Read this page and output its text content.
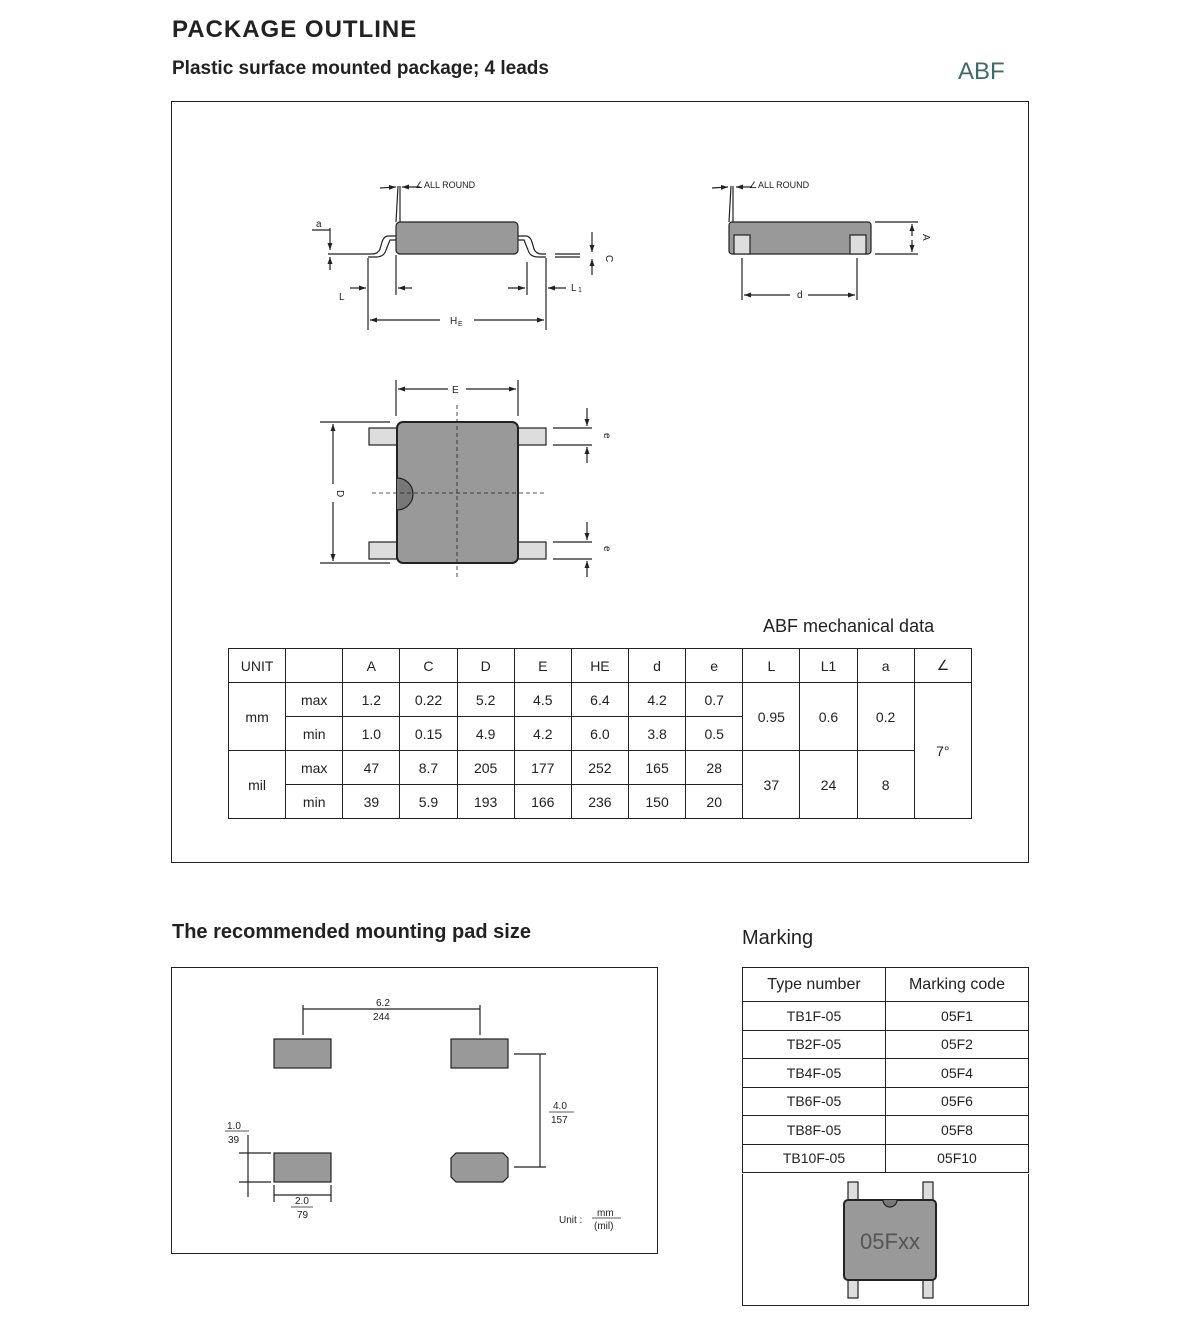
PACKAGE OUTLINE
Plastic surface mounted package; 4 leads	ABF
ALL ROUND
∠
a
C
L
L 1
H E
ALL ROUND
∠
A
d
E
D
e
e
ABF mechanical data
UNIT		A	C	D	E	HE	d	e	L	L1	a	∠
mm	max	1.2	0.22	5.2	4.5	6.4	4.2	0.7	0.95	0.6	0.2	7°
	min	1.0	0.15	4.9	4.2	6.0	3.8	0.5				
mil	max	47	8.7	205	177	252	165	28	37	24	8	
	min	39	5.9	193	166	236	150	20				
The recommended mounting pad size
6.2
244
4.0
157
1.0
39
2.0
79	Unit :
mm
(mil)
Marking
Type number	Marking code
TB1F-05	05F1
TB2F-05	05F2
TB4F-05	05F4
TB6F-05	05F6
TB8F-05	05F8
TB10F-05	05F10
05Fxx
